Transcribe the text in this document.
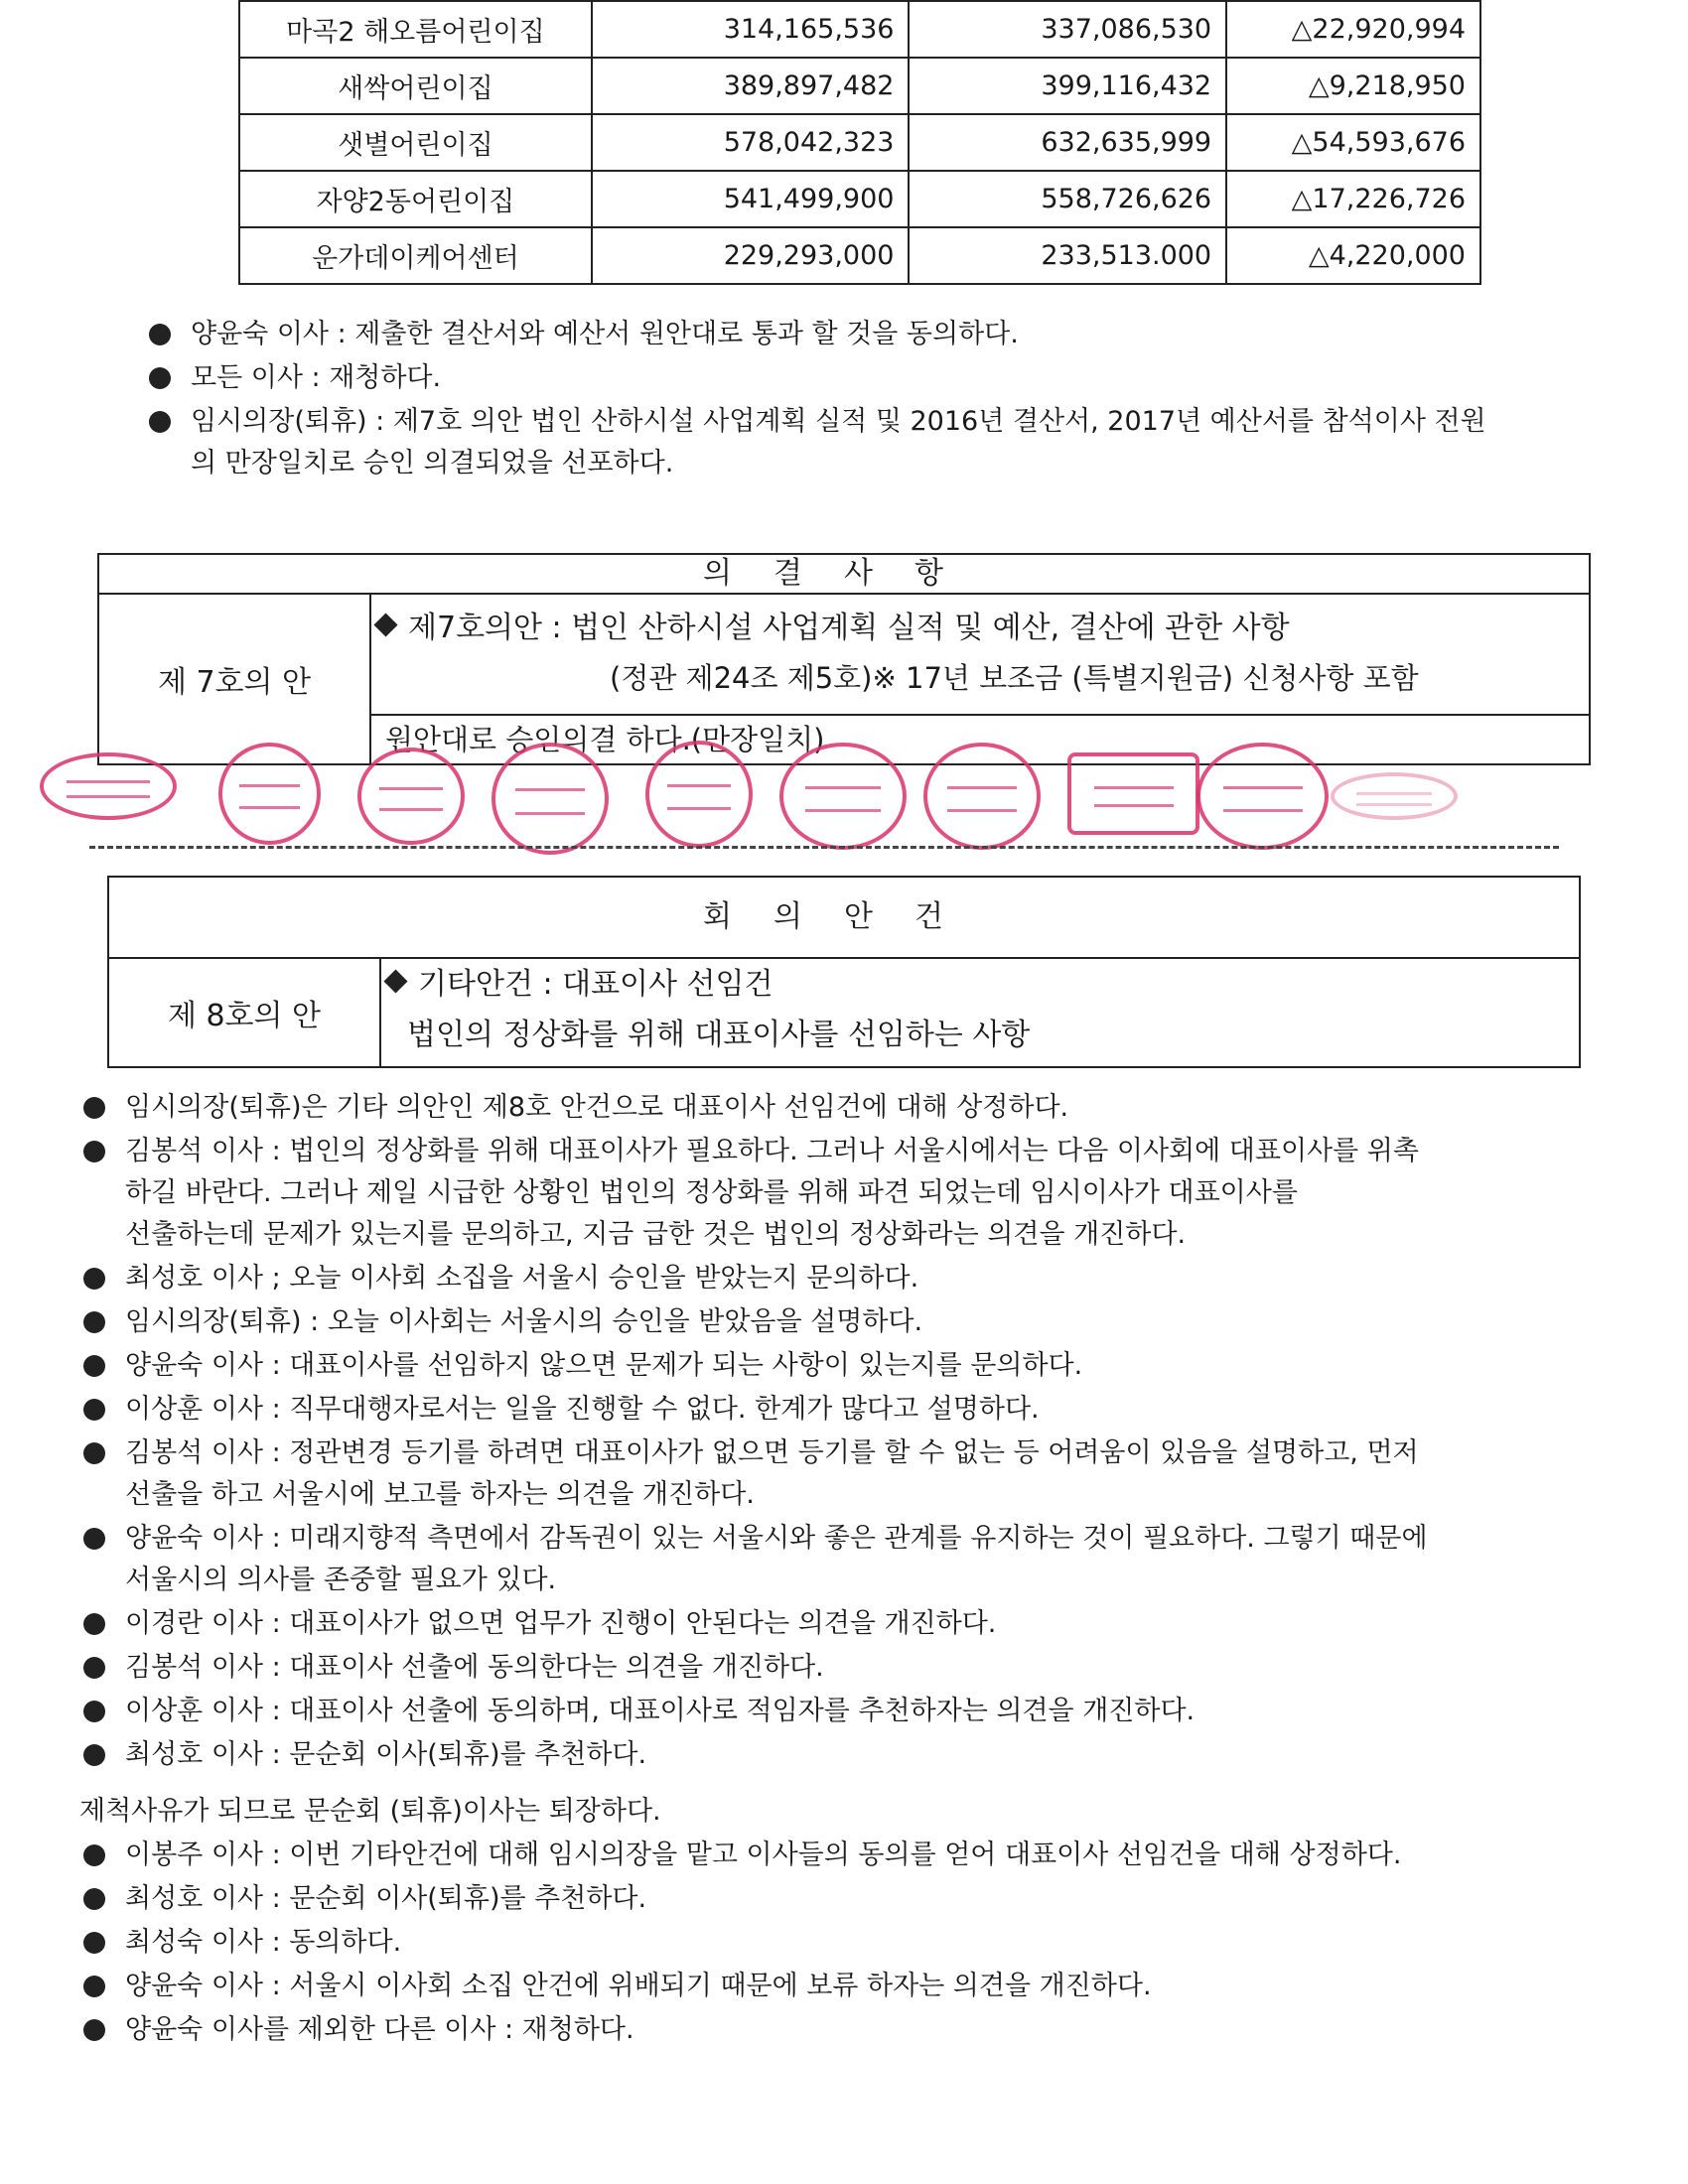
마곡2 해오름어린이집	314,165,536	337,086,530	△22,920,994
새싹어린이집	389,897,482	399,116,432	△9,218,950
샛별어린이집	578,042,323	632,635,999	△54,593,676
자양2동어린이집	541,499,900	558,726,626	△17,226,726
운가데이케어센터	229,293,000	233,513.000	△4,220,000
양윤숙 이사 : 제출한 결산서와 예산서 원안대로 통과 할 것을 동의하다.
모든 이사 : 재청하다.
임시의장(퇴휴) : 제7호 의안 법인 산하시설 사업계획 실적 및 2016년 결산서, 2017년 예산서를 참석이사 전원
의 만장일치로 승인 의결되었을 선포하다.
의결사항
제 7호의 안
제7호의안 : 법인 산하시설 사업계획 실적 및 예산, 결산에 관한 사항
(정관 제24조 제5호)※ 17년 보조금 (특별지원금) 신청사항 포함
원안대로 승인의결 하다.(만장일치)
회의안건
제 8호의 안
기타안건 : 대표이사 선임건
법인의 정상화를 위해 대표이사를 선임하는 사항
임시의장(퇴휴)은 기타 의안인 제8호 안건으로 대표이사 선임건에 대해 상정하다.
김봉석 이사 : 법인의 정상화를 위해 대표이사가 필요하다. 그러나 서울시에서는 다음 이사회에 대표이사를 위촉
하길 바란다. 그러나 제일 시급한 상황인 법인의 정상화를 위해 파견 되었는데 임시이사가 대표이사를
선출하는데 문제가 있는지를 문의하고, 지금 급한 것은 법인의 정상화라는 의견을 개진하다.
최성호 이사 ; 오늘 이사회 소집을 서울시 승인을 받았는지 문의하다.
임시의장(퇴휴) : 오늘 이사회는 서울시의 승인을 받았음을 설명하다.
양윤숙 이사 : 대표이사를 선임하지 않으면 문제가 되는 사항이 있는지를 문의하다.
이상훈 이사 : 직무대행자로서는 일을 진행할 수 없다. 한계가 많다고 설명하다.
김봉석 이사 : 정관변경 등기를 하려면 대표이사가 없으면 등기를 할 수 없는 등 어려움이 있음을 설명하고, 먼저
선출을 하고 서울시에 보고를 하자는 의견을 개진하다.
양윤숙 이사 : 미래지향적 측면에서 감독권이 있는 서울시와 좋은 관계를 유지하는 것이 필요하다. 그렇기 때문에
서울시의 의사를 존중할 필요가 있다.
이경란 이사 : 대표이사가 없으면 업무가 진행이 안된다는 의견을 개진하다.
김봉석 이사 : 대표이사 선출에 동의한다는 의견을 개진하다.
이상훈 이사 : 대표이사 선출에 동의하며, 대표이사로 적임자를 추천하자는 의견을 개진하다.
최성호 이사 : 문순회 이사(퇴휴)를 추천하다.
제척사유가 되므로 문순회 (퇴휴)이사는 퇴장하다.
이봉주 이사 : 이번 기타안건에 대해 임시의장을 맡고 이사들의 동의를 얻어 대표이사 선임건을 대해 상정하다.
최성호 이사 : 문순회 이사(퇴휴)를 추천하다.
최성숙 이사 : 동의하다.
양윤숙 이사 : 서울시 이사회 소집 안건에 위배되기 때문에 보류 하자는 의견을 개진하다.
양윤숙 이사를 제외한 다른 이사 : 재청하다.
